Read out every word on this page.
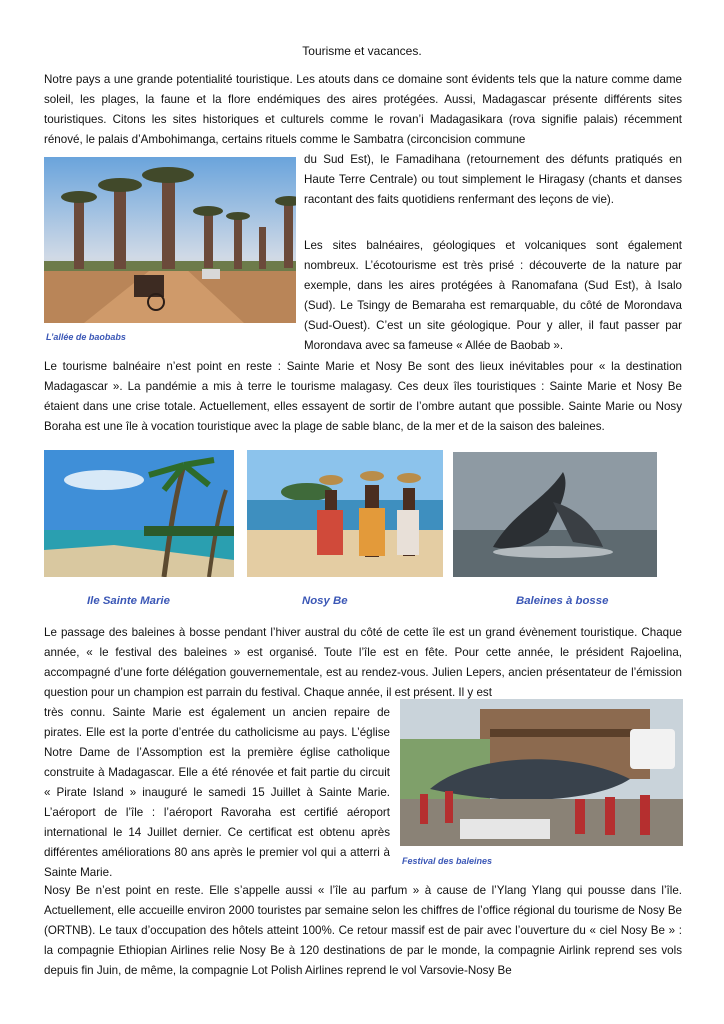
Tourisme et vacances.

Notre pays a une grande potentialité touristique. Les atouts dans ce domaine sont évidents tels que la nature comme dame soleil, les plages, la faune et la flore endémiques des aires protégées. Aussi, Madagascar présente différents sites touristiques. Citons les sites historiques et culturels comme le rovan’i Madagasikara (rova signifie palais) récemment rénové, le palais d’Ambohimanga, certains rituels comme le Sambatra (circoncision commune

L’allée de baobabs

du Sud Est), le Famadihana (retournement des défunts pratiqués en Haute Terre Centrale) ou tout simplement le Hiragasy (chants et danses racontant des faits quotidiens renfermant des leçons de vie).

Les sites balnéaires, géologiques et volcaniques sont également nombreux. L’écotourisme est très prisé : découverte de la nature par exemple, dans les aires protégées à Ranomafana (Sud Est), à Isalo (Sud). Le Tsingy de Bemaraha est remarquable, du côté de Morondava (Sud-Ouest). C’est un site géologique. Pour y aller, il faut passer par Morondava avec sa fameuse « Allée de Baobab ».

Le tourisme balnéaire n’est point en reste : Sainte Marie et Nosy Be sont des lieux inévitables pour « la destination Madagascar ». La pandémie a mis à terre le tourisme malagasy. Ces deux îles touristiques : Sainte Marie et Nosy Be étaient dans une crise totale. Actuellement, elles essayent de sortir de l’ombre autant que possible. Sainte Marie ou Nosy Boraha est une île à vocation touristique avec la plage de sable blanc, de la mer et de la saison des baleines.

Ile Sainte Marie	Nosy Be	Baleines à bosse

Le passage des baleines à bosse pendant l’hiver austral du côté de cette île est un grand évènement touristique. Chaque année, « le festival des baleines » est organisé. Toute l’île est en fête. Pour cette année, le président Rajoelina, accompagné d’une forte délégation gouvernementale, est au rendez-vous. Julien Lepers, ancien présentateur de l’émission question pour un champion est parrain du festival. Chaque année, il est présent. Il y est

très connu. Sainte Marie est également un ancien repaire de pirates. Elle est la porte d’entrée du catholicisme au pays. L’église Notre Dame de l’Assomption est la première église catholique construite à Madagascar. Elle a été rénovée et fait partie du circuit « Pirate Island » inauguré le samedi 15 Juillet à Sainte Marie. L’aéroport de l’île : l’aéroport Ravoraha est certifié aéroport international le 14 Juillet dernier. Ce certificat est obtenu après différentes améliorations 80 ans après le premier vol qui a atterri à Sainte Marie.

Festival des baleines

Nosy Be n’est point en reste. Elle s’appelle aussi « l’île au parfum » à cause de l’Ylang Ylang qui pousse dans l’île. Actuellement, elle accueille environ 2000 touristes par semaine selon les chiffres de l’office régional du tourisme de Nosy Be (ORTNB). Le taux d’occupation des hôtels atteint 100%. Ce retour massif est de pair avec l’ouverture du « ciel Nosy Be » : la compagnie Ethiopian Airlines relie Nosy Be à 120 destinations de par le monde, la compagnie Airlink reprend ses vols depuis fin Juin, de même, la compagnie Lot Polish Airlines reprend le vol Varsovie-Nosy Be
